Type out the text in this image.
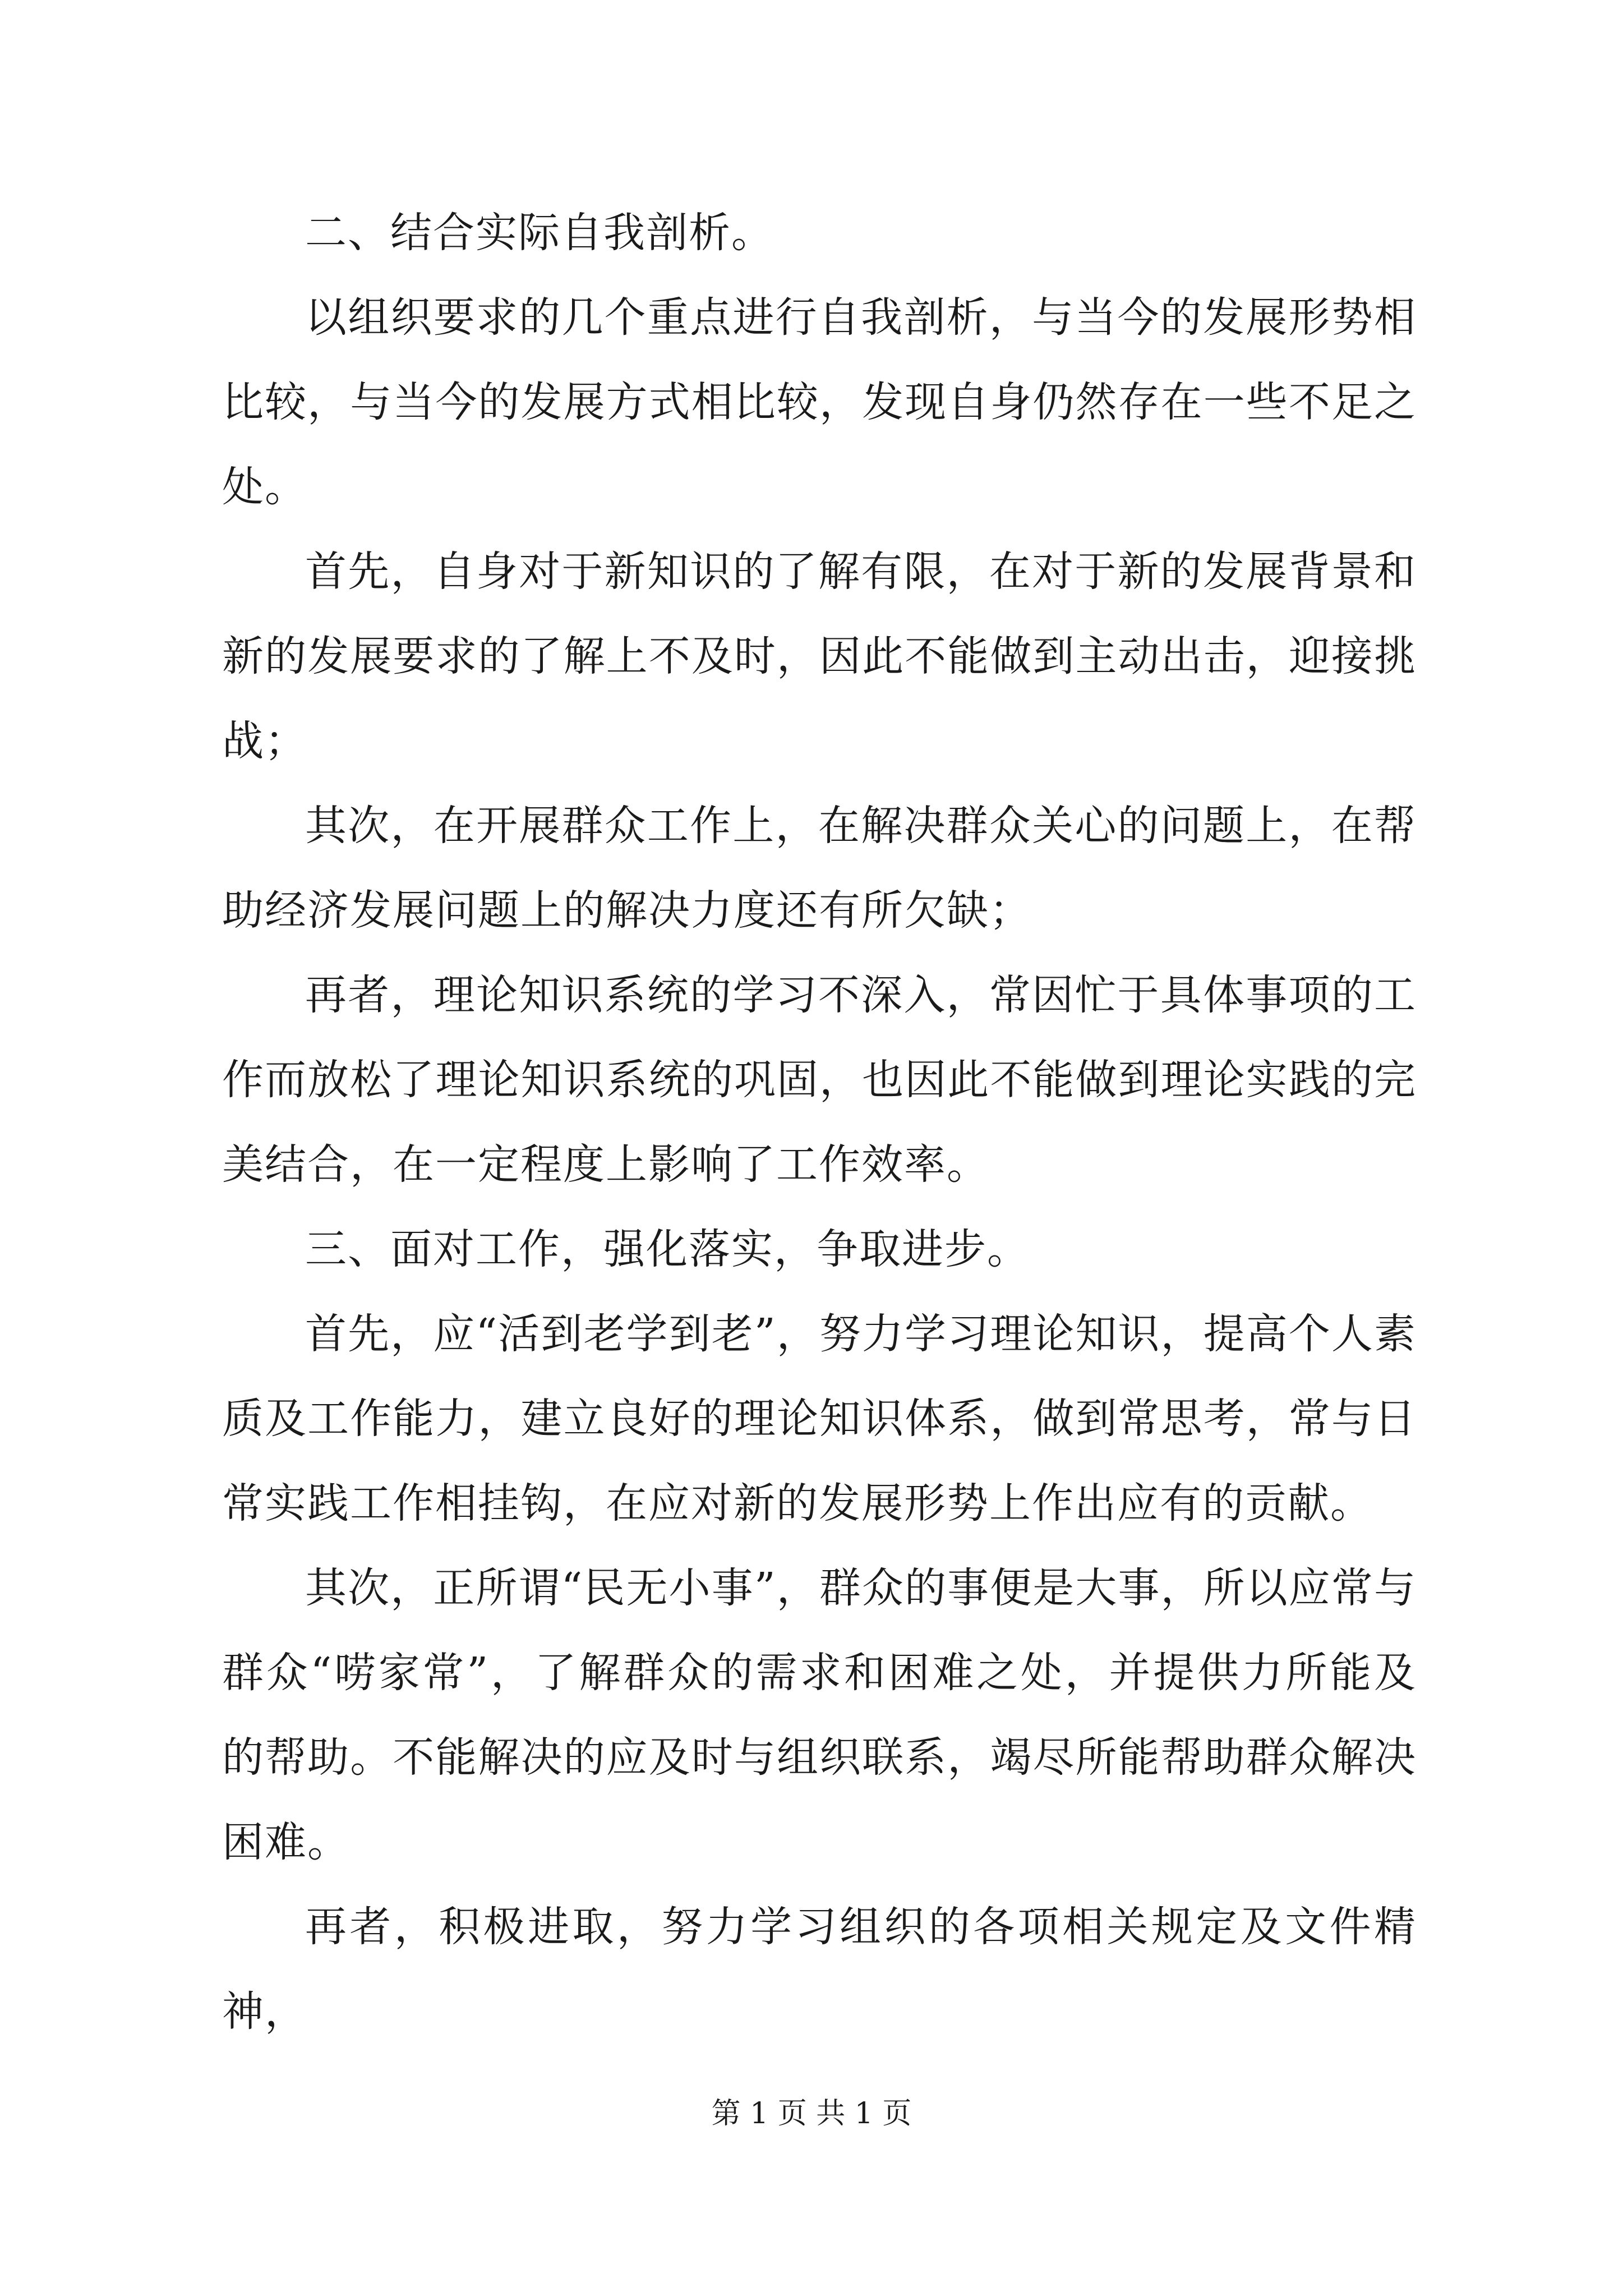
二、结合实际自我剖析。

以组织要求的几个重点进行自我剖析，与当今的发展形势相比较，与当今的发展方式相比较，发现自身仍然存在一些不足之处。

首先，自身对于新知识的了解有限，在对于新的发展背景和新的发展要求的了解上不及时，因此不能做到主动出击，迎接挑战；

其次，在开展群众工作上，在解决群众关心的问题上，在帮助经济发展问题上的解决力度还有所欠缺；

再者，理论知识系统的学习不深入，常因忙于具体事项的工作而放松了理论知识系统的巩固，也因此不能做到理论实践的完美结合，在一定程度上影响了工作效率。

三、面对工作，强化落实，争取进步。

首先，应“活到老学到老”，努力学习理论知识，提高个人素质及工作能力，建立良好的理论知识体系，做到常思考，常与日常实践工作相挂钩，在应对新的发展形势上作出应有的贡献。

其次，正所谓“民无小事”，群众的事便是大事，所以应常与群众“唠家常”，了解群众的需求和困难之处，并提供力所能及的帮助。不能解决的应及时与组织联系，竭尽所能帮助群众解决困难。

再者，积极进取，努力学习组织的各项相关规定及文件精神，

第 1 页 共 1 页
